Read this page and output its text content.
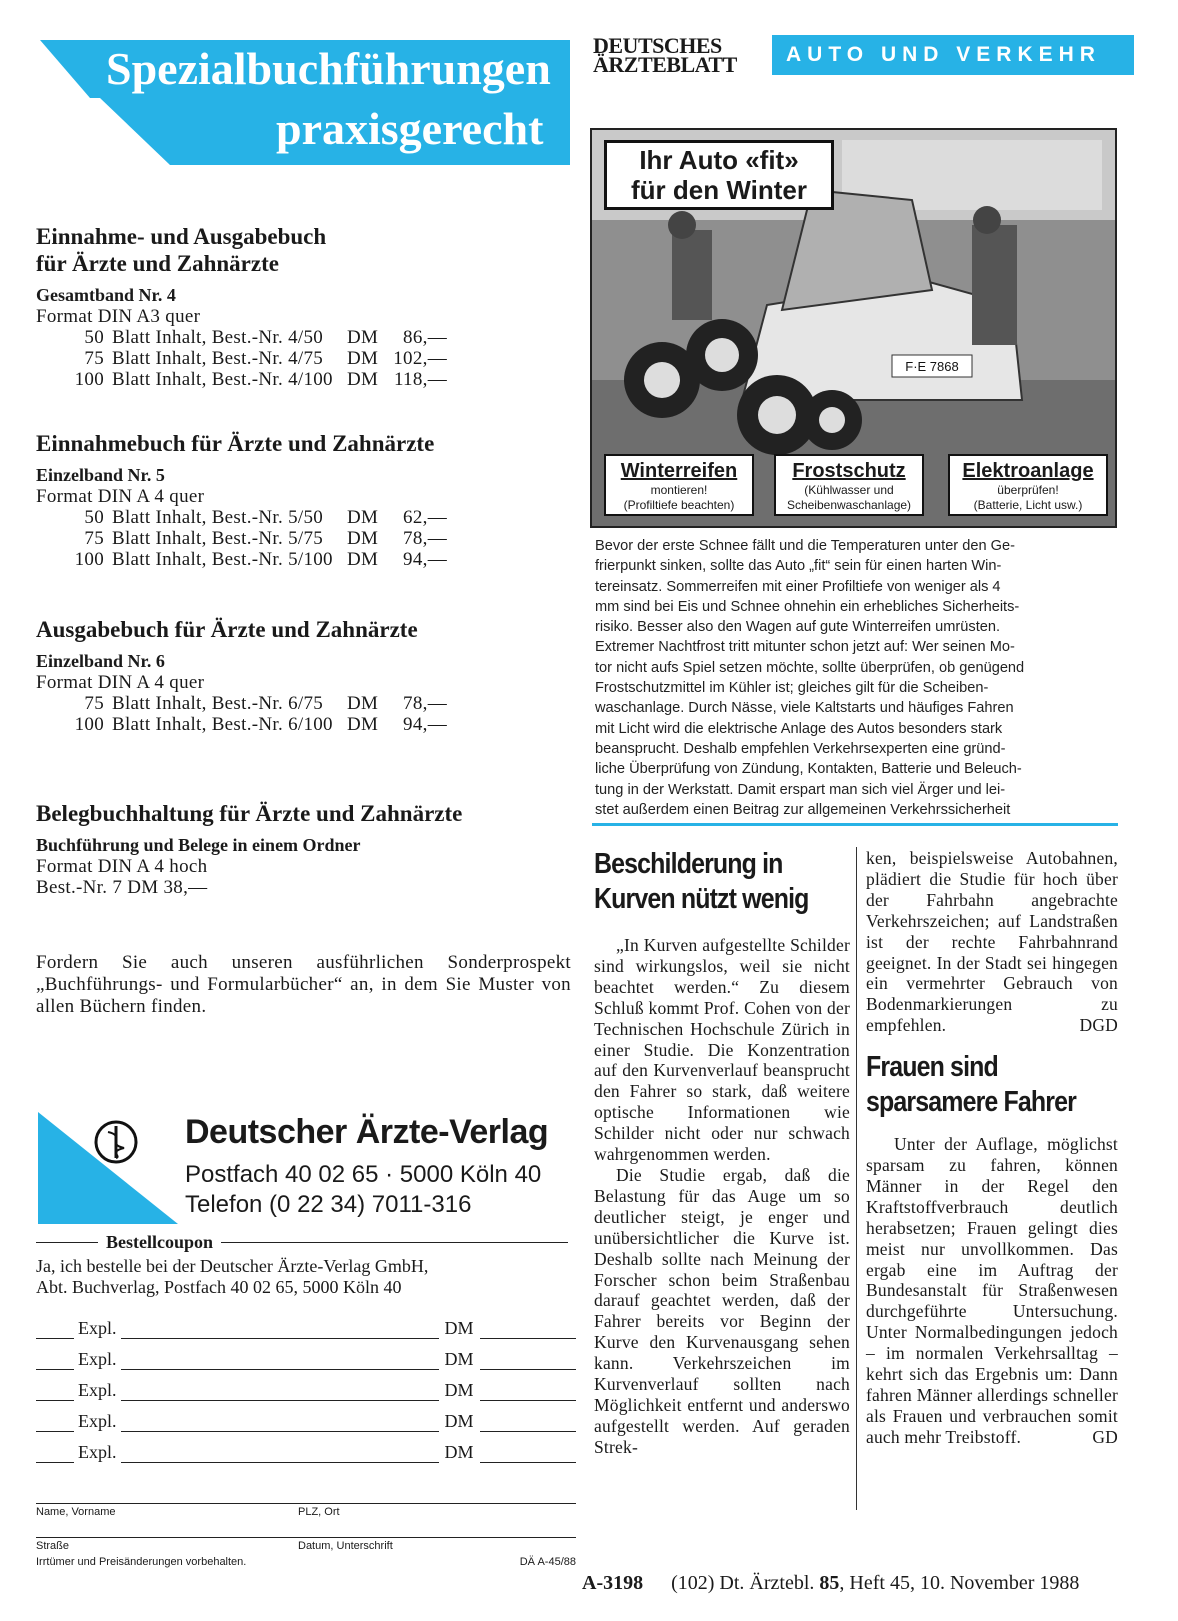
Spezialbuchführungen
praxisgerecht
Einnahme- und Ausgabebuch
für Ärzte und Zahnärzte
Gesamtband Nr. 4
Format DIN A3 quer
50 Blatt Inhalt, Best.-Nr. 4/50	DM	86,—
75 Blatt Inhalt, Best.-Nr. 4/75	DM 102,—
100 Blatt Inhalt, Best.-Nr. 4/100 DM 118,—
Einnahmebuch für Ärzte und Zahnärzte
Einzelband Nr. 5
Format DIN A 4 quer
50 Blatt Inhalt, Best.-Nr. 5/50	DM	62,—
75 Blatt Inhalt, Best.-Nr. 5/75	DM	78,—
100 Blatt Inhalt, Best.-Nr. 5/100 DM	94,—
Ausgabebuch für Ärzte und Zahnärzte
Einzelband Nr. 6
Format DIN A 4 quer
75 Blatt Inhalt, Best.-Nr. 6/75	DM	78,—
100 Blatt Inhalt, Best.-Nr. 6/100 DM	94,—
Belegbuchhaltung für Ärzte und Zahnärzte
Buchführung und Belege in einem Ordner
Format DIN A 4 hoch
Best.-Nr. 7 DM 38,—
Fordern Sie auch unseren ausführlichen Sonderprospekt „Buchführungs- und Formularbücher“ an, in dem Sie Muster von allen Büchern finden.
Deutscher Ärzte-Verlag
Postfach 40 02 65 · 5000 Köln 40
Telefon (0 22 34) 7011-316
Bestellcoupon
Ja, ich bestelle bei der Deutscher Ärzte-Verlag GmbH,
Abt. Buchverlag, Postfach 40 02 65, 5000 Köln 40
Expl.	DM
Expl.	DM
Expl.	DM
Expl.	DM
Expl.	DM
Name, Vorname	PLZ, Ort
Straße	Datum, Unterschrift
Irrtümer und Preisänderungen vorbehalten.	DÄ A-45/88
DEUTSCHES
ÄRZTEBLATT	AUTO UND VERKEHR
F·E 7868
Ihr Auto «fit»
für den Winter
Winterreifen
montieren!
(Profiltiefe beachten)
Frostschutz
(Kühlwasser und
Scheibenwaschanlage)
Elektroanlage
überprüfen!
(Batterie, Licht usw.)
Bevor der erste Schnee fällt und die Temperaturen unter den Ge-
frierpunkt sinken, sollte das Auto „fit“ sein für einen harten Win-
tereinsatz. Sommerreifen mit einer Profiltiefe von weniger als 4
mm sind bei Eis und Schnee ohnehin ein erhebliches Sicherheits-
risiko. Besser also den Wagen auf gute Winterreifen umrüsten.
Extremer Nachtfrost tritt mitunter schon jetzt auf: Wer seinen Mo-
tor nicht aufs Spiel setzen möchte, sollte überprüfen, ob genügend
Frostschutzmittel im Kühler ist; gleiches gilt für die Scheiben-
waschanlage. Durch Nässe, viele Kaltstarts und häufiges Fahren
mit Licht wird die elektrische Anlage des Autos besonders stark
beansprucht. Deshalb empfehlen Verkehrsexperten eine gründ-
liche Überprüfung von Zündung, Kontakten, Batterie und Beleuch-
tung in der Werkstatt. Damit erspart man sich viel Ärger und lei-
stet außerdem einen Beitrag zur allgemeinen Verkehrssicherheit
Beschilderung in
Kurven nützt wenig
„In Kurven aufgestellte Schilder sind wirkungslos, weil sie nicht beachtet werden.“ Zu diesem Schluß kommt Prof. Cohen von der Technischen Hochschule Zürich in einer Studie. Die Konzentration auf den Kurvenverlauf beansprucht den Fahrer so stark, daß weitere optische Informationen wie Schilder nicht oder nur schwach wahrgenommen werden.
Die Studie ergab, daß die Belastung für das Auge um so deutlicher steigt, je enger und unübersichtlicher die Kurve ist. Deshalb sollte nach Meinung der Forscher schon beim Straßenbau darauf geachtet werden, daß der Fahrer bereits vor Beginn der Kurve den Kurvenausgang sehen kann. Verkehrszeichen im Kurvenverlauf sollten nach Möglichkeit entfernt und anderswo aufgestellt werden. Auf geraden Strek-
ken, beispielsweise Autobahnen, plädiert die Studie für hoch über der Fahrbahn angebrachte Verkehrszeichen; auf Landstraßen ist der rechte Fahrbahnrand geeignet. In der Stadt sei hingegen ein vermehrter Gebrauch von Bodenmarkierungen zu empfehlen.	DGD
Frauen sind
sparsamere Fahrer
Unter der Auflage, möglichst sparsam zu fahren, können Männer in der Regel den Kraftstoffverbrauch deutlich herabsetzen; Frauen gelingt dies meist nur unvollkommen. Das ergab eine im Auftrag der Bundesanstalt für Straßenwesen durchgeführte Untersuchung. Unter Normalbedingungen jedoch – im normalen Verkehrsalltag – kehrt sich das Ergebnis um: Dann fahren Männer allerdings schneller als Frauen und verbrauchen somit auch mehr Treibstoff.	GD
A-3198 (102) Dt. Ärztebl. 85, Heft 45, 10. November 1988
